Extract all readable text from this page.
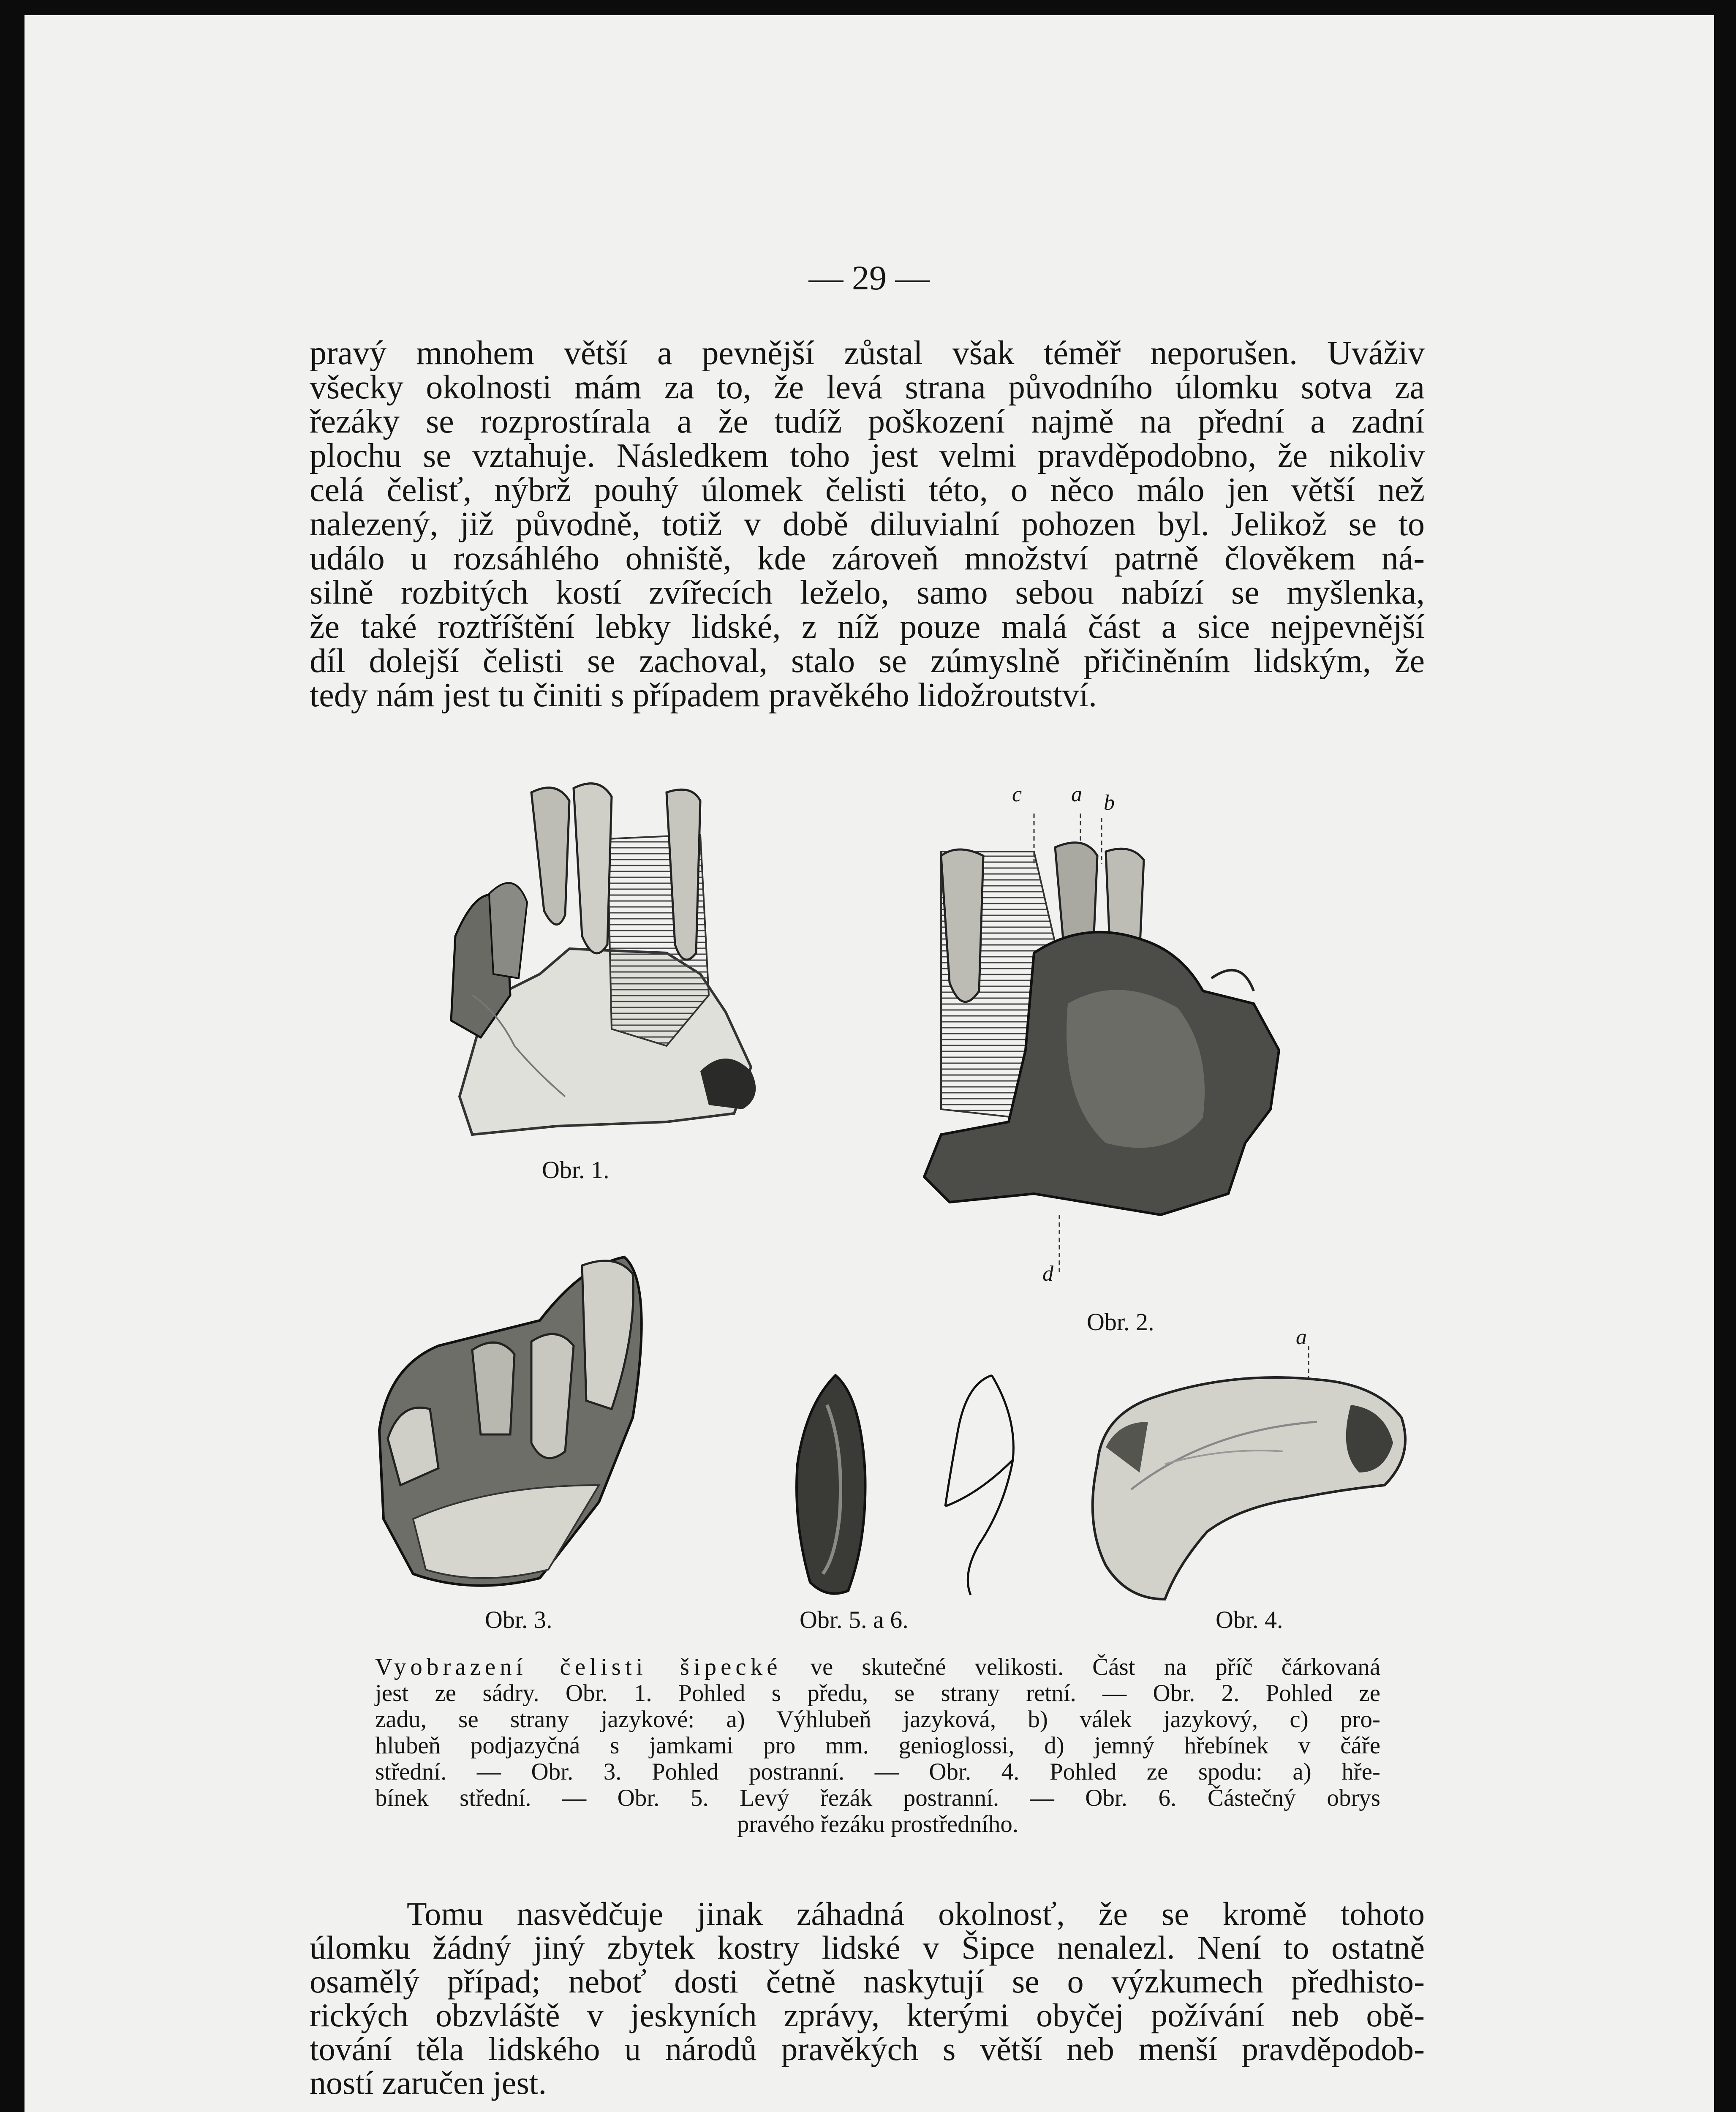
— 29 —
pravý mnohem větší a pevnější zůstal však téměř neporušen. Uváživ
všecky okolnosti mám za to, že levá strana původního úlomku sotva za
řezáky se rozprostírala a že tudíž poškození najmě na přední a zadní
plochu se vztahuje. Následkem toho jest velmi pravděpodobno, že nikoliv
celá čelisť, nýbrž pouhý úlomek čelisti této, o něco málo jen větší než
nalezený, již původně, totiž v době diluvialní pohozen byl. Jelikož se to
událo u rozsáhlého ohniště, kde zároveň množství patrně člověkem ná-
silně rozbitých kostí zvířecích leželo, samo sebou nabízí se myšlenka,
že také roztříštění lebky lidské, z níž pouze malá část a sice nejpevnější
díl dolejší čelisti se zachoval, stalo se zúmyslně přičiněním lidským, že
tedy nám jest tu činiti s případem pravěkého lidožroutství.
Obr. 1.
c a b
d
Obr. 2.
Obr. 3.	Obr. 5. a 6.
a
Obr. 4.
Vyobrazení čelisti šipecké ve skutečné velikosti. Část na příč čárkovaná
jest ze sádry. Obr. 1. Pohled s předu, se strany retní. — Obr. 2. Pohled ze
zadu, se strany jazykové: a) Výhlubeň jazyková, b) válek jazykový, c) pro-
hlubeň podjazyčná s jamkami pro mm. genioglossi, d) jemný hřebínek v čáře
střední. — Obr. 3. Pohled postranní. — Obr. 4. Pohled ze spodu: a) hře-
bínek střední. — Obr. 5. Levý řezák postranní. — Obr. 6. Částečný obrys
pravého řezáku prostředního.
Tomu nasvědčuje jinak záhadná okolnosť, že se kromě tohoto
úlomku žádný jiný zbytek kostry lidské v Šipce nenalezl. Není to ostatně
osamělý případ; neboť dosti četně naskytují se o výzkumech předhisto-
rických obzvláště v jeskyních zprávy, kterými obyčej požívání neb obě-
tování těla lidského u národů pravěkých s větší neb menší pravděpodob-
ností zaručen jest.
